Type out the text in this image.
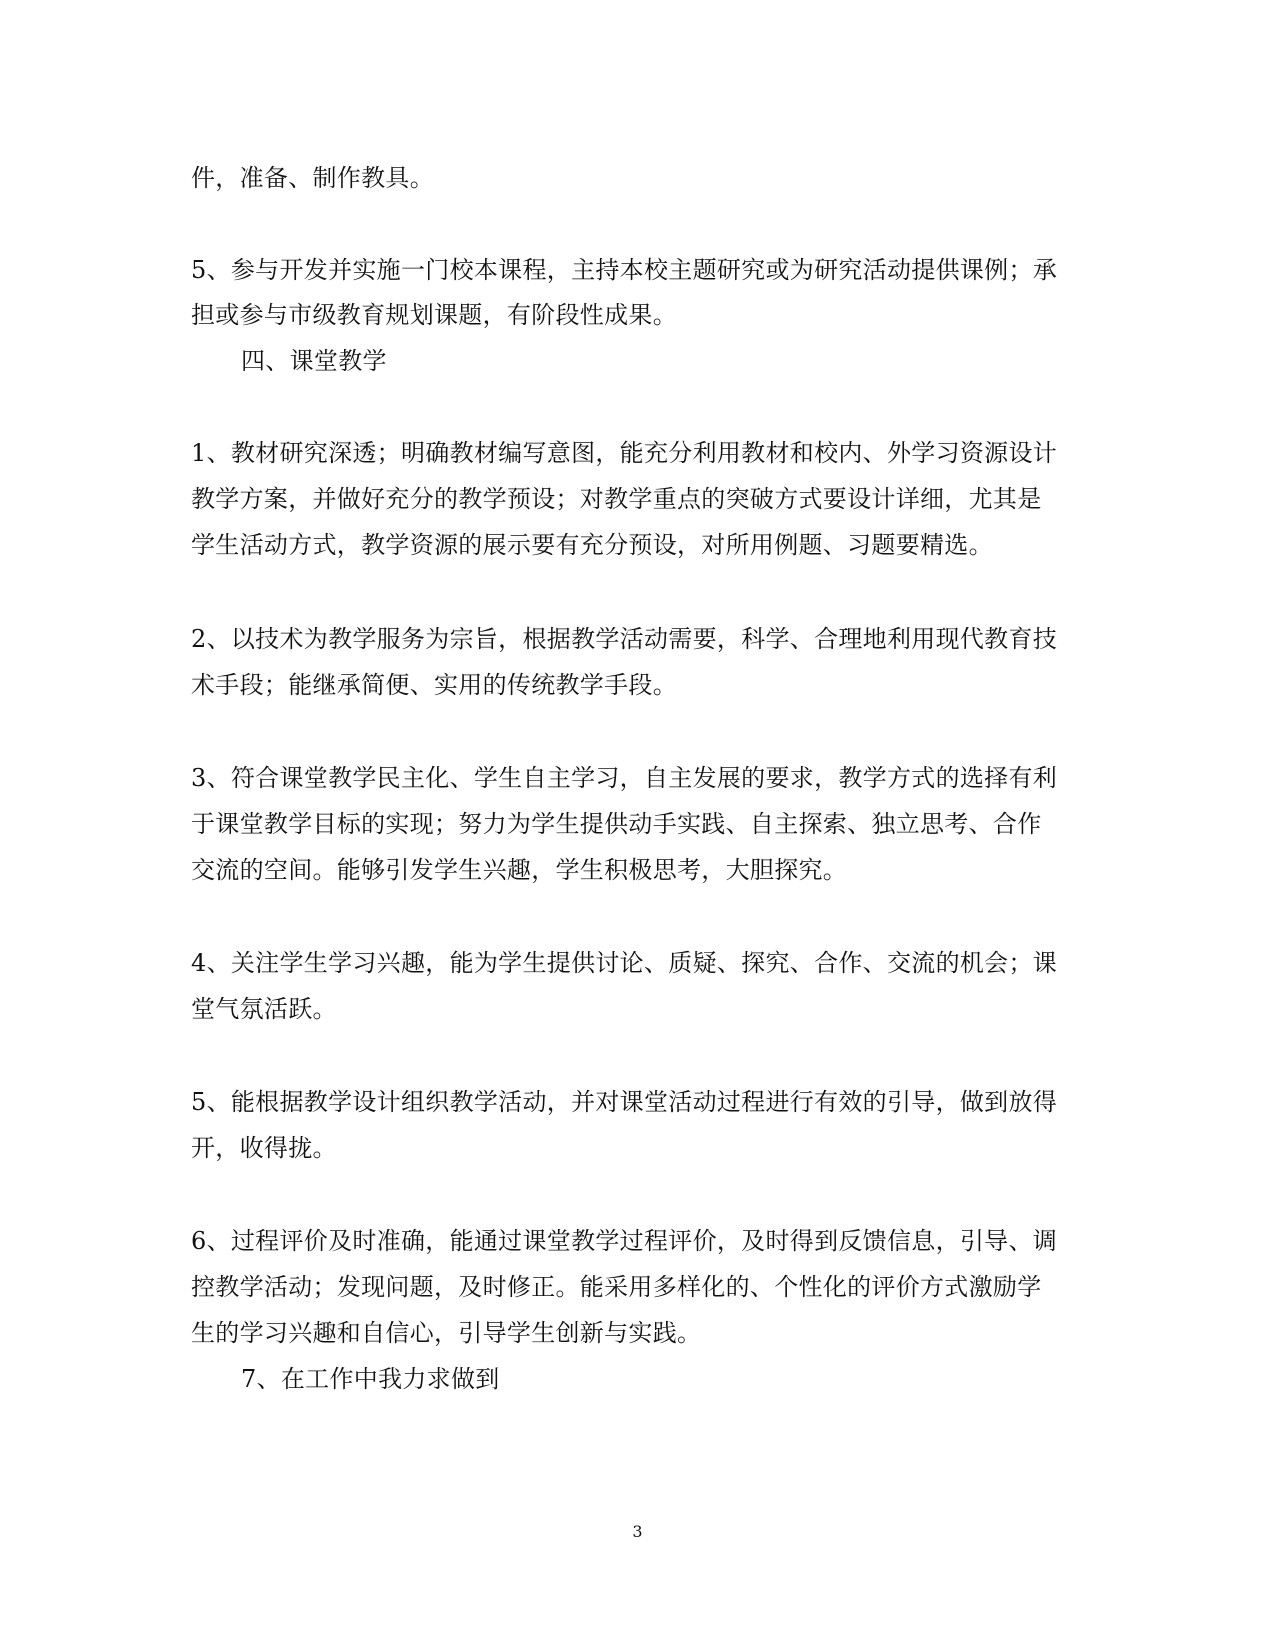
件，准备、制作教具。
5、参与开发并实施一门校本课程，主持本校主题研究或为研究活动提供课例；承
担或参与市级教育规划课题，有阶段性成果。
四、课堂教学
1、教材研究深透；明确教材编写意图，能充分利用教材和校内、外学习资源设计
教学方案，并做好充分的教学预设；对教学重点的突破方式要设计详细，尤其是
学生活动方式，教学资源的展示要有充分预设，对所用例题、习题要精选。
2、以技术为教学服务为宗旨，根据教学活动需要，科学、合理地利用现代教育技
术手段；能继承简便、实用的传统教学手段。
3、符合课堂教学民主化、学生自主学习，自主发展的要求，教学方式的选择有利
于课堂教学目标的实现；努力为学生提供动手实践、自主探索、独立思考、合作
交流的空间。能够引发学生兴趣，学生积极思考，大胆探究。
4、关注学生学习兴趣，能为学生提供讨论、质疑、探究、合作、交流的机会；课
堂气氛活跃。
5、能根据教学设计组织教学活动，并对课堂活动过程进行有效的引导，做到放得
开，收得拢。
6、过程评价及时准确，能通过课堂教学过程评价，及时得到反馈信息，引导、调
控教学活动；发现问题，及时修正。能采用多样化的、个性化的评价方式激励学
生的学习兴趣和自信心，引导学生创新与实践。
7、在工作中我力求做到
3
